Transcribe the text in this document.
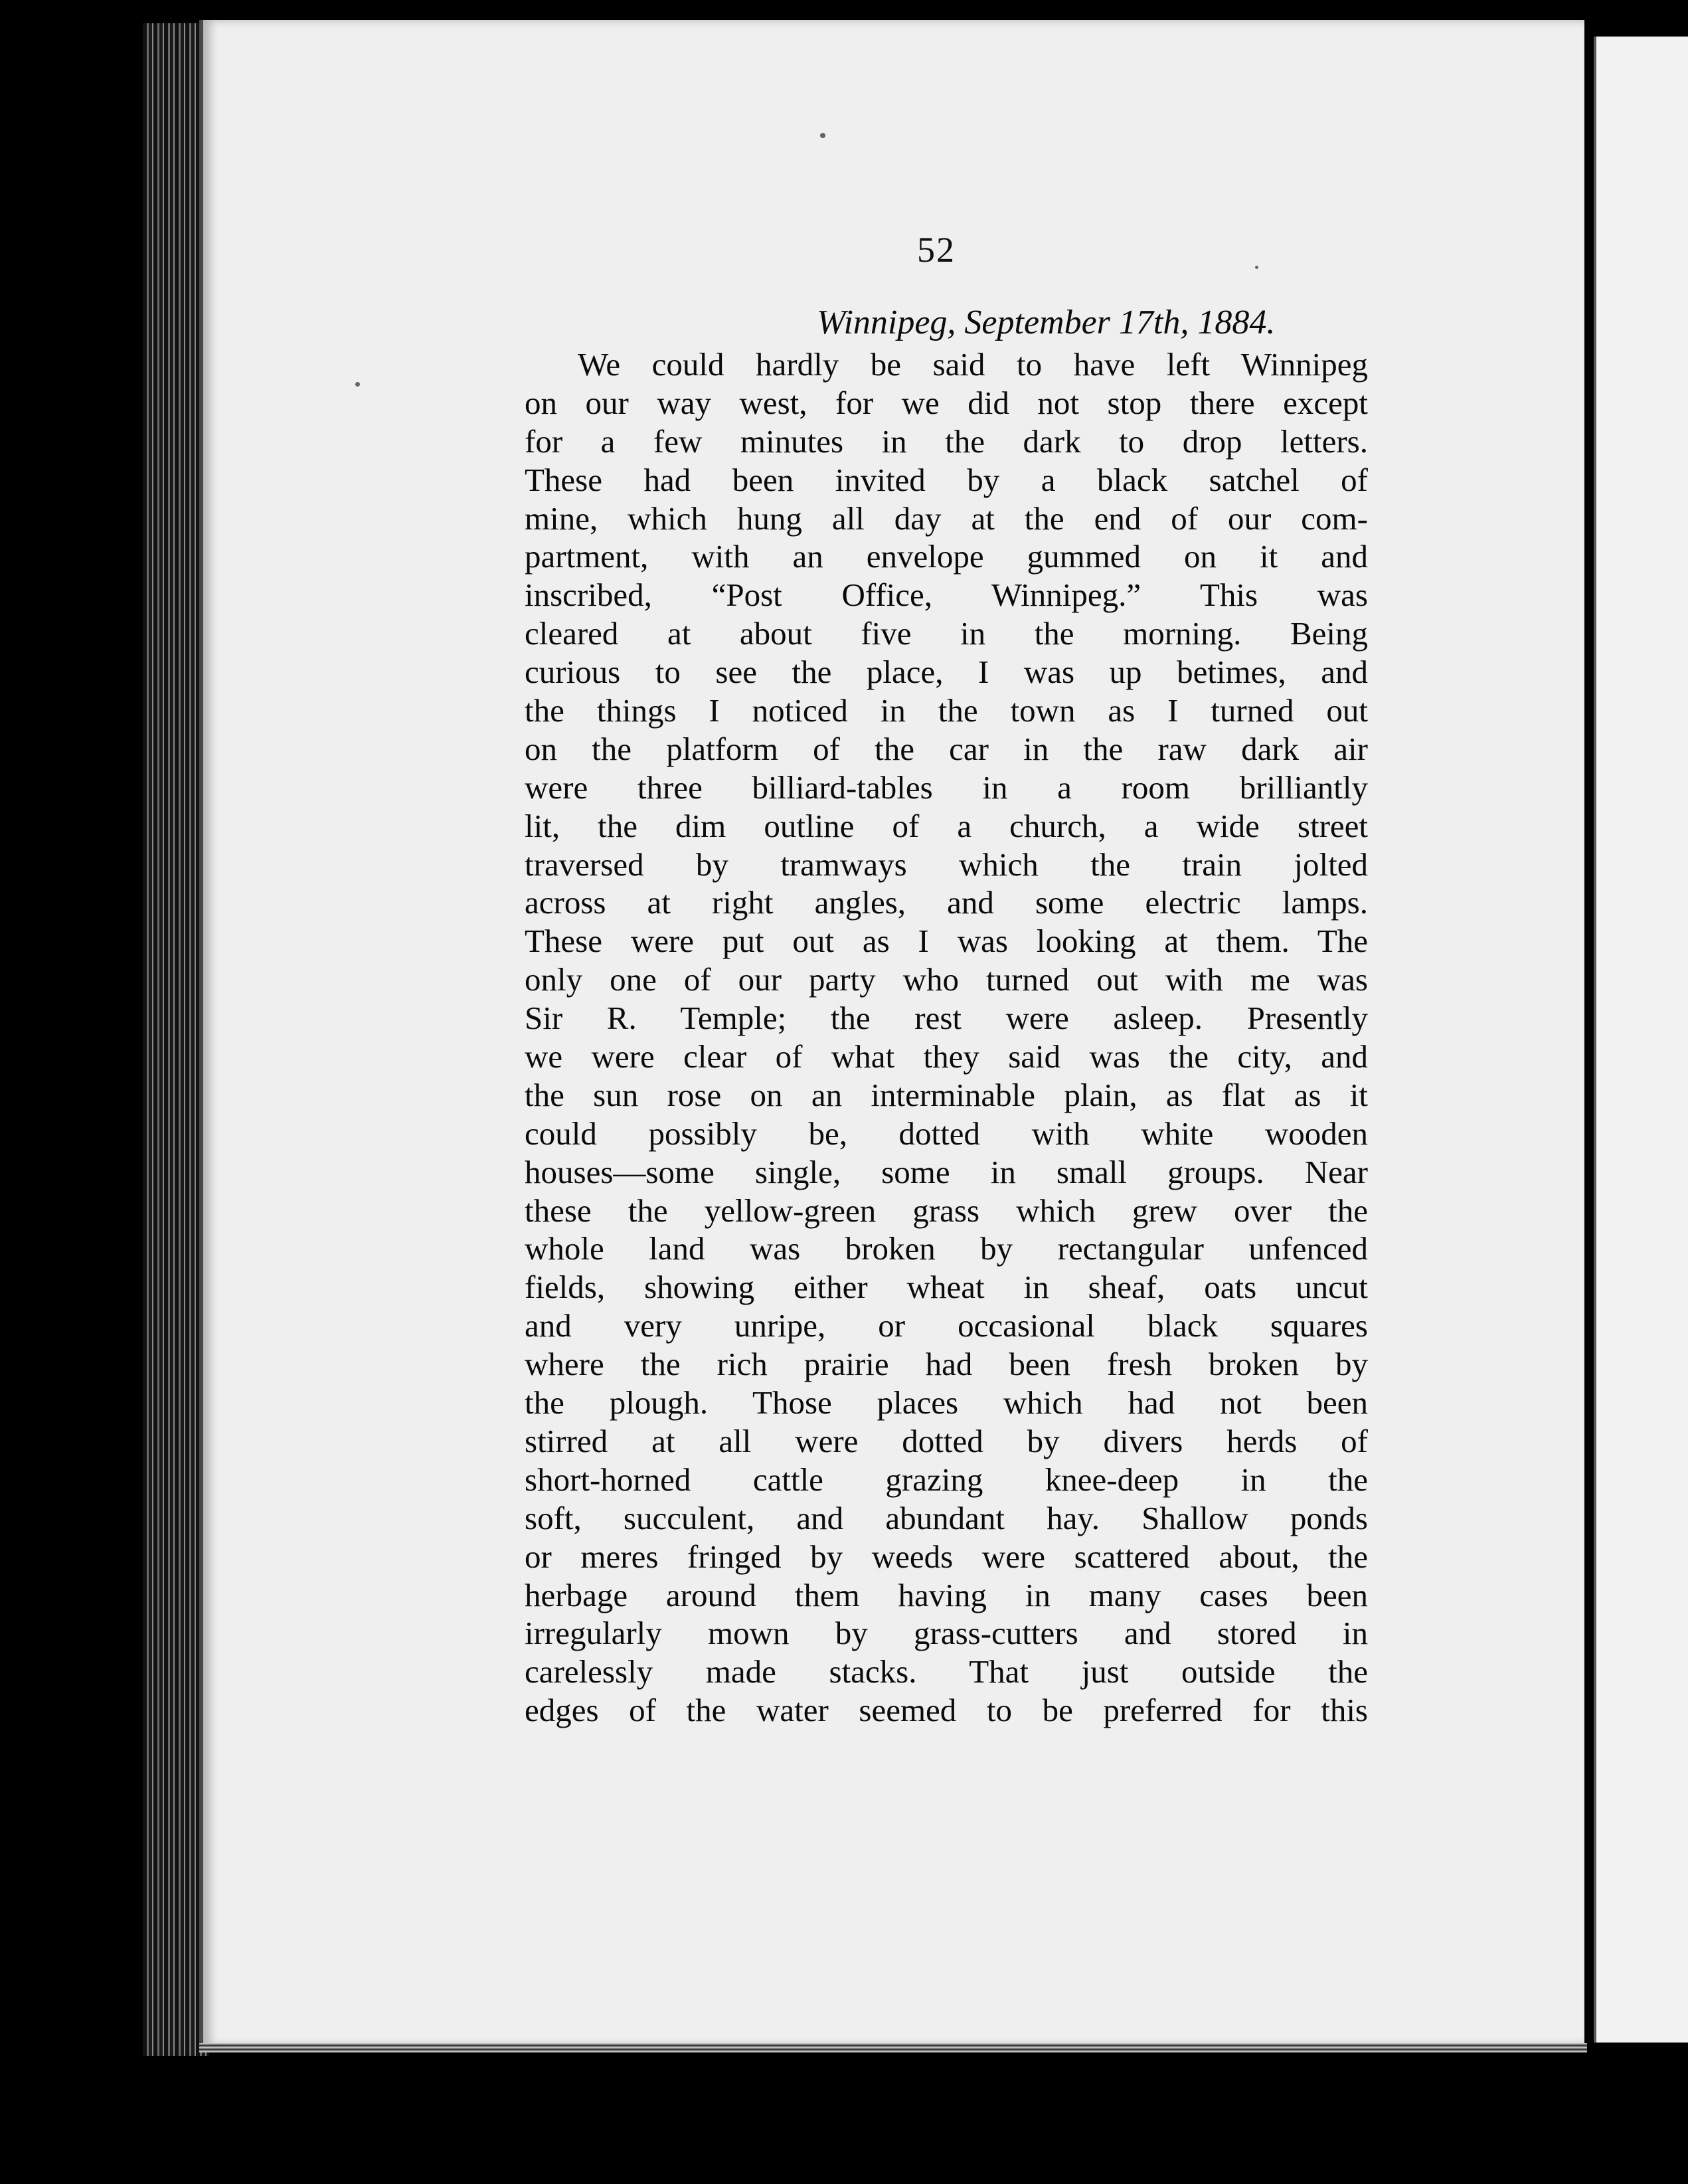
52
Winnipeg, September 17th, 1884.
We could hardly be said to have left Winnipeg
on our way west, for we did not stop there except
for a few minutes in the dark to drop letters.
These had been invited by a black satchel of
mine, which hung all day at the end of our com-
partment, with an envelope gummed on it and
inscribed, “Post Office, Winnipeg.” This was
cleared at about five in the morning. Being
curious to see the place, I was up betimes, and
the things I noticed in the town as I turned out
on the platform of the car in the raw dark air
were three billiard-tables in a room brilliantly
lit, the dim outline of a church, a wide street
traversed by tramways which the train jolted
across at right angles, and some electric lamps.
These were put out as I was looking at them. The
only one of our party who turned out with me was
Sir R. Temple; the rest were asleep. Presently
we were clear of what they said was the city, and
the sun rose on an interminable plain, as flat as it
could possibly be, dotted with white wooden
houses—some single, some in small groups. Near
these the yellow-green grass which grew over the
whole land was broken by rectangular unfenced
fields, showing either wheat in sheaf, oats uncut
and very unripe, or occasional black squares
where the rich prairie had been fresh broken by
the plough. Those places which had not been
stirred at all were dotted by divers herds of
short-horned cattle grazing knee-deep in the
soft, succulent, and abundant hay. Shallow ponds
or meres fringed by weeds were scattered about, the
herbage around them having in many cases been
irregularly mown by grass-cutters and stored in
carelessly made stacks. That just outside the
edges of the water seemed to be preferred for this
